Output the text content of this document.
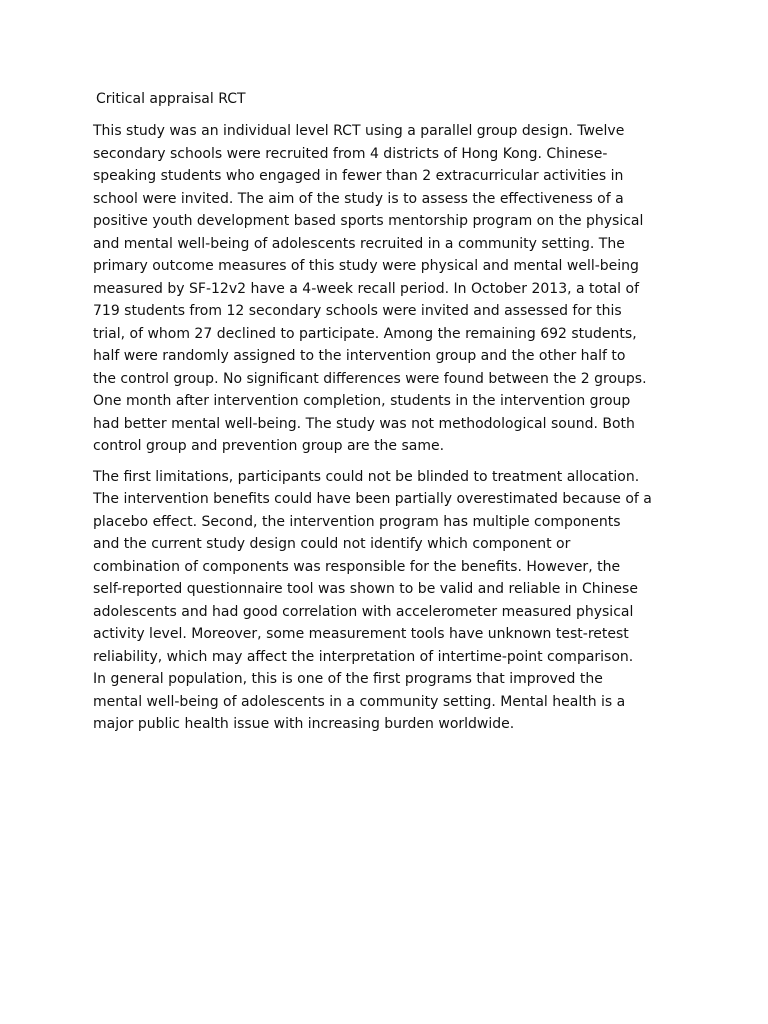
Critical appraisal RCT

This study was an individual level RCT using a parallel group design. Twelve
secondary schools were recruited from 4 districts of Hong Kong. Chinese-
speaking students who engaged in fewer than 2 extracurricular activities in
school were invited. The aim of the study is to assess the effectiveness of a
positive youth development based sports mentorship program on the physical
and mental well-being of adolescents recruited in a community setting. The
primary outcome measures of this study were physical and mental well-being
measured by SF-12v2 have a 4-week recall period. In October 2013, a total of
719 students from 12 secondary schools were invited and assessed for this
trial, of whom 27 declined to participate. Among the remaining 692 students,
half were randomly assigned to the intervention group and the other half to
the control group. No significant differences were found between the 2 groups.
One month after intervention completion, students in the intervention group
had better mental well-being. The study was not methodological sound. Both
control group and prevention group are the same.

The first limitations, participants could not be blinded to treatment allocation.
The intervention benefits could have been partially overestimated because of a
placebo effect. Second, the intervention program has multiple components
and the current study design could not identify which component or
combination of components was responsible for the benefits. However, the
self-reported questionnaire tool was shown to be valid and reliable in Chinese
adolescents and had good correlation with accelerometer measured physical
activity level. Moreover, some measurement tools have unknown test-retest
reliability, which may affect the interpretation of intertime-point comparison.
In general population, this is one of the first programs that improved the
mental well-being of adolescents in a community setting. Mental health is a
major public health issue with increasing burden worldwide.
